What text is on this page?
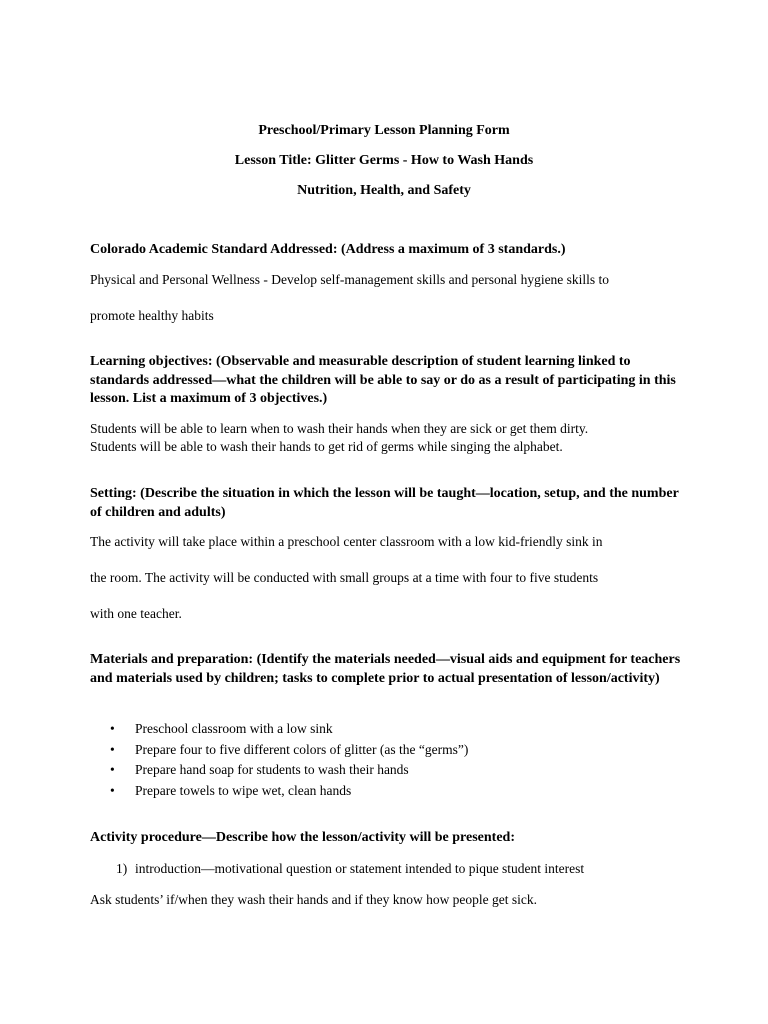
Preschool/Primary Lesson Planning Form
Lesson Title: Glitter Germs - How to Wash Hands
Nutrition, Health, and Safety

Colorado Academic Standard Addressed: (Address a maximum of 3 standards.)

Physical and Personal Wellness - Develop self-management skills and personal hygiene skills to
promote healthy habits

Learning objectives: (Observable and measurable description of student learning linked to standards addressed—what the children will be able to say or do as a result of participating in this lesson. List a maximum of 3 objectives.)

Students will be able to learn when to wash their hands when they are sick or get them dirty.
Students will be able to wash their hands to get rid of germs while singing the alphabet.

Setting: (Describe the situation in which the lesson will be taught—location, setup, and the number of children and adults)

The activity will take place within a preschool center classroom with a low kid-friendly sink in
the room. The activity will be conducted with small groups at a time with four to five students
with one teacher.

Materials and preparation: (Identify the materials needed—visual aids and equipment for teachers and materials used by children; tasks to complete prior to actual presentation of lesson/activity)

• Preschool classroom with a low sink
• Prepare four to five different colors of glitter (as the “germs”)
• Prepare hand soap for students to wash their hands
• Prepare towels to wipe wet, clean hands

Activity procedure—Describe how the lesson/activity will be presented:

1) introduction—motivational question or statement intended to pique student interest
Ask students’ if/when they wash their hands and if they know how people get sick.
